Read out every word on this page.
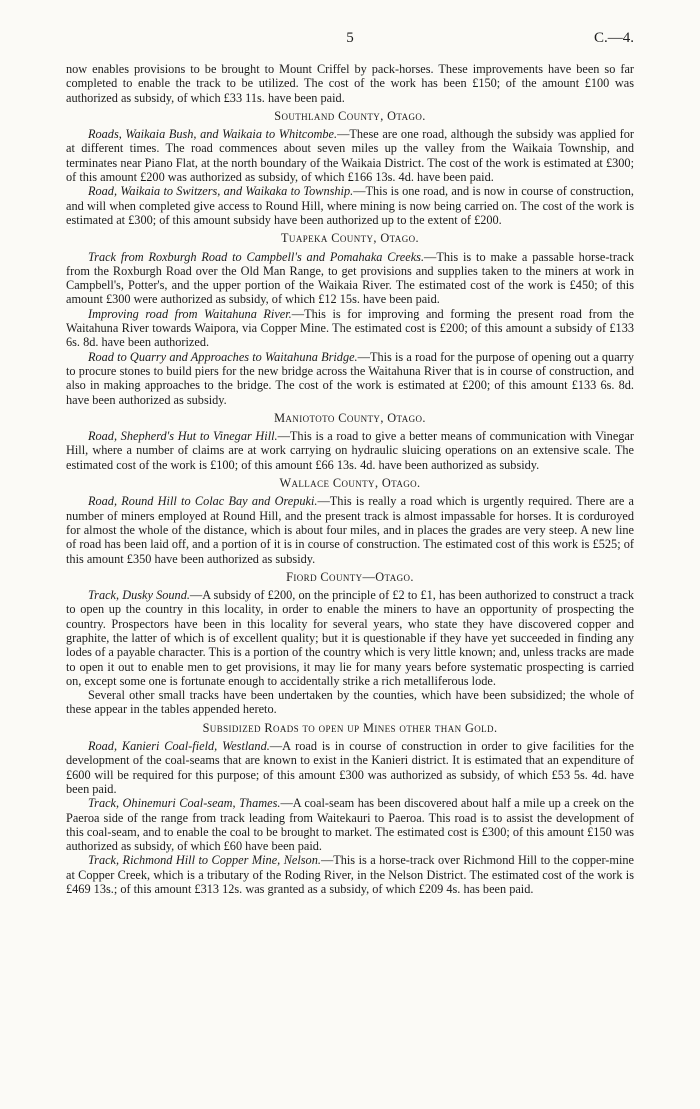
5	C.—4.

now enables provisions to be brought to Mount Criffel by pack-horses. These improvements have been so far completed to enable the track to be utilized. The cost of the work has been £150; of the amount £100 was authorized as subsidy, of which £33 11s. have been paid.

Southland County, Otago.

Roads, Waikaia Bush, and Waikaia to Whitcombe.—These are one road, although the subsidy was applied for at different times. The road commences about seven miles up the valley from the Waikaia Township, and terminates near Piano Flat, at the north boundary of the Waikaia District. The cost of the work is estimated at £300; of this amount £200 was authorized as subsidy, of which £166 13s. 4d. have been paid.

Road, Waikaia to Switzers, and Waikaka to Township.—This is one road, and is now in course of construction, and will when completed give access to Round Hill, where mining is now being carried on. The cost of the work is estimated at £300; of this amount subsidy have been authorized up to the extent of £200.

Tuapeka County, Otago.

Track from Roxburgh Road to Campbell's and Pomahaka Creeks.—This is to make a passable horse-track from the Roxburgh Road over the Old Man Range, to get provisions and supplies taken to the miners at work in Campbell's, Potter's, and the upper portion of the Waikaia River. The estimated cost of the work is £450; of this amount £300 were authorized as subsidy, of which £12 15s. have been paid.

Improving road from Waitahuna River.—This is for improving and forming the present road from the Waitahuna River towards Waipora, via Copper Mine. The estimated cost is £200; of this amount a subsidy of £133 6s. 8d. have been authorized.

Road to Quarry and Approaches to Waitahuna Bridge.—This is a road for the purpose of opening out a quarry to procure stones to build piers for the new bridge across the Waitahuna River that is in course of construction, and also in making approaches to the bridge. The cost of the work is estimated at £200; of this amount £133 6s. 8d. have been authorized as subsidy.

Maniototo County, Otago.

Road, Shepherd's Hut to Vinegar Hill.—This is a road to give a better means of communication with Vinegar Hill, where a number of claims are at work carrying on hydraulic sluicing operations on an extensive scale. The estimated cost of the work is £100; of this amount £66 13s. 4d. have been authorized as subsidy.

Wallace County, Otago.

Road, Round Hill to Colac Bay and Orepuki.—This is really a road which is urgently required. There are a number of miners employed at Round Hill, and the present track is almost impassable for horses. It is corduroyed for almost the whole of the distance, which is about four miles, and in places the grades are very steep. A new line of road has been laid off, and a portion of it is in course of construction. The estimated cost of this work is £525; of this amount £350 have been authorized as subsidy.

Fiord County—Otago.

Track, Dusky Sound.—A subsidy of £200, on the principle of £2 to £1, has been authorized to construct a track to open up the country in this locality, in order to enable the miners to have an opportunity of prospecting the country. Prospectors have been in this locality for several years, who state they have discovered copper and graphite, the latter of which is of excellent quality; but it is questionable if they have yet succeeded in finding any lodes of a payable character. This is a portion of the country which is very little known; and, unless tracks are made to open it out to enable men to get provisions, it may lie for many years before systematic prospecting is carried on, except some one is fortunate enough to accidentally strike a rich metalliferous lode.

Several other small tracks have been undertaken by the counties, which have been subsidized; the whole of these appear in the tables appended hereto.

Subsidized Roads to open up Mines other than Gold.

Road, Kanieri Coal-field, Westland.—A road is in course of construction in order to give facilities for the development of the coal-seams that are known to exist in the Kanieri district. It is estimated that an expenditure of £600 will be required for this purpose; of this amount £300 was authorized as subsidy, of which £53 5s. 4d. have been paid.

Track, Ohinemuri Coal-seam, Thames.—A coal-seam has been discovered about half a mile up a creek on the Paeroa side of the range from track leading from Waitekauri to Paeroa. This road is to assist the development of this coal-seam, and to enable the coal to be brought to market. The estimated cost is £300; of this amount £150 was authorized as subsidy, of which £60 have been paid.

Track, Richmond Hill to Copper Mine, Nelson.—This is a horse-track over Richmond Hill to the copper-mine at Copper Creek, which is a tributary of the Roding River, in the Nelson District. The estimated cost of the work is £469 13s.; of this amount £313 12s. was granted as a subsidy, of which £209 4s. has been paid.
